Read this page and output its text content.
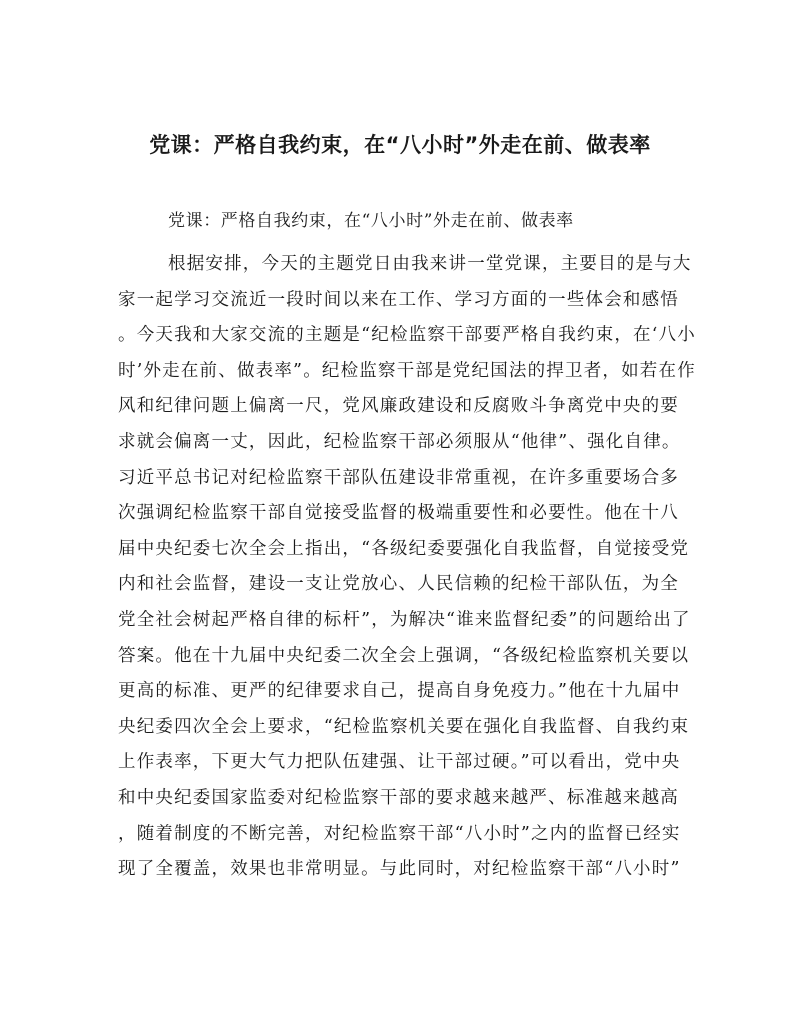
党课：严格自我约束，在“八小时”外走在前、做表率

党课：严格自我约束，在“八小时”外走在前、做表率

根据安排，今天的主题党日由我来讲一堂党课，主要目的是与大
家一起学习交流近一段时间以来在工作、学习方面的一些体会和感悟
。今天我和大家交流的主题是“纪检监察干部要严格自我约束，在‘八小
时’外走在前、做表率”。纪检监察干部是党纪国法的捍卫者，如若在作
风和纪律问题上偏离一尺，党风廉政建设和反腐败斗争离党中央的要
求就会偏离一丈，因此，纪检监察干部必须服从“他律”、强化自律。
习近平总书记对纪检监察干部队伍建设非常重视，在许多重要场合多
次强调纪检监察干部自觉接受监督的极端重要性和必要性。他在十八
届中央纪委七次全会上指出，“各级纪委要强化自我监督，自觉接受党
内和社会监督，建设一支让党放心、人民信赖的纪检干部队伍，为全
党全社会树起严格自律的标杆”，为解决“谁来监督纪委”的问题给出了
答案。他在十九届中央纪委二次全会上强调，“各级纪检监察机关要以
更高的标准、更严的纪律要求自己，提高自身免疫力。”他在十九届中
央纪委四次全会上要求，“纪检监察机关要在强化自我监督、自我约束
上作表率，下更大气力把队伍建强、让干部过硬。”可以看出，党中央
和中央纪委国家监委对纪检监察干部的要求越来越严、标准越来越高
，随着制度的不断完善，对纪检监察干部“八小时”之内的监督已经实
现了全覆盖，效果也非常明显。与此同时，对纪检监察干部“八小时”
